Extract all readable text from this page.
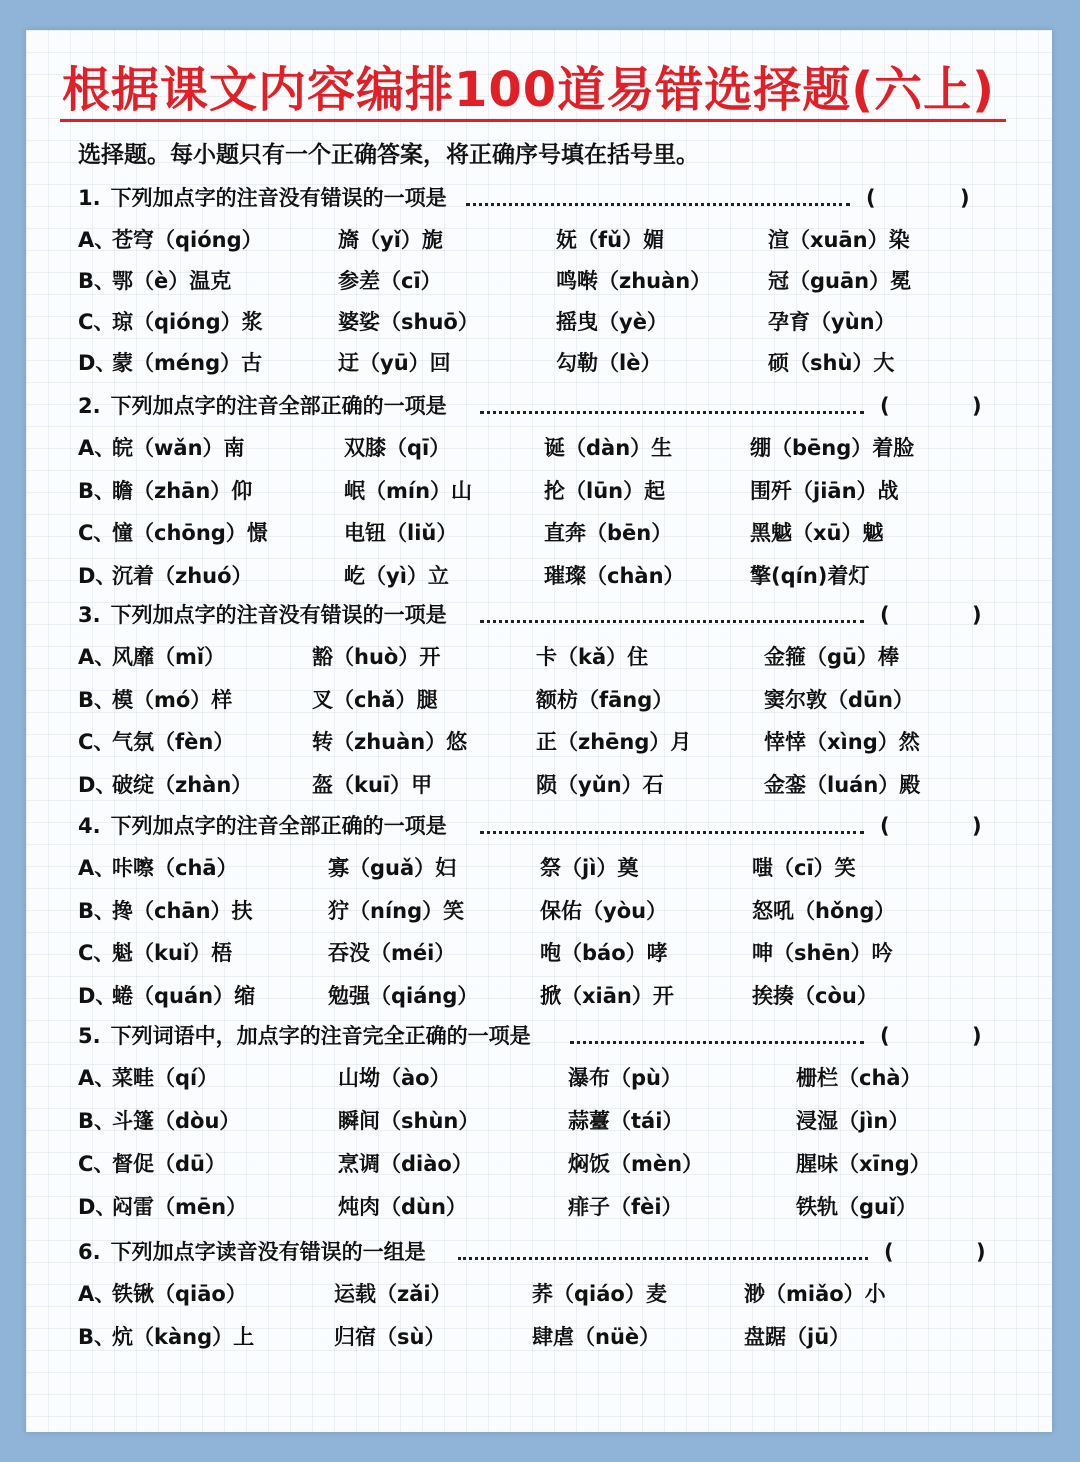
根据课文内容编排100道易错选择题(六上)
选择题。每小题只有一个正确答案，将正确序号填在括号里。
1. 下列加点字的注音没有错误的一项是	(	)
A、
苍穹（qióng）	旖（yǐ）旎	妩（fǔ）媚	渲（xuān）染
B、
鄂（è）温克	参差（cī）	鸣啭（zhuàn）	冠（guān）冕
C、
琼（qióng）浆	婆娑（shuō）	摇曳（yè）	孕育（yùn）
D、
蒙（méng）古	迂（yū）回	勾勒（lè）	硕（shù）大
2. 下列加点字的注音全部正确的一项是	(	)
A、
皖（wǎn）南	双膝（qī）	诞（dàn）生	绷（bēng）着脸
B、
瞻（zhān）仰	岷（mín）山	抡（lūn）起	围歼（jiān）战
C、
憧（chōng）憬	电钮（liǔ）	直奔（bēn）	黑魆（xū）魆
D、
沉着（zhuó）	屹（yì）立	璀璨（chàn）	擎(qín)着灯
3. 下列加点字的注音没有错误的一项是	(	)
A、
风靡（mǐ）	豁（huò）开	卡（kǎ）住	金箍（gū）棒
B、
模（mó）样	叉（chǎ）腿	额枋（fāng）	窦尔敦（dūn）
C、
气氛（fèn）	转（zhuàn）悠	正（zhēng）月	悻悻（xìng）然
D、
破绽（zhàn）	盔（kuī）甲	陨（yǔn）石	金銮（luán）殿
4. 下列加点字的注音全部正确的一项是	(	)
A、
咔嚓（chā）	寡（guǎ）妇	祭（jì）奠	嗤（cī）笑
B、
搀（chān）扶	狞（níng）笑	保佑（yòu）	怒吼（hǒng）
C、
魁（kuǐ）梧	吞没（méi）	咆（báo）哮	呻（shēn）吟
D、
蜷（quán）缩	勉强（qiáng）	掀（xiān）开	挨揍（còu）
5. 下列词语中，加点字的注音完全正确的一项是	(	)
A、
菜畦（qí）	山坳（ào）	瀑布（pù）	栅栏（chà）
B、
斗篷（dòu）	瞬间（shùn）	蒜薹（tái）	浸湿（jìn）
C、
督促（dū）	烹调（diào）	焖饭（mèn）	腥味（xīng）
D、
闷雷（mēn）	炖肉（dùn）	痱子（fèi）	铁轨（guǐ）
6. 下列加点字读音没有错误的一组是	(	)
A、
铁锹（qiāo）	运载（zǎi）	荞（qiáo）麦	渺（miǎo）小
B、
炕（kàng）上	归宿（sù）	肆虐（nüè）	盘踞（jū）
